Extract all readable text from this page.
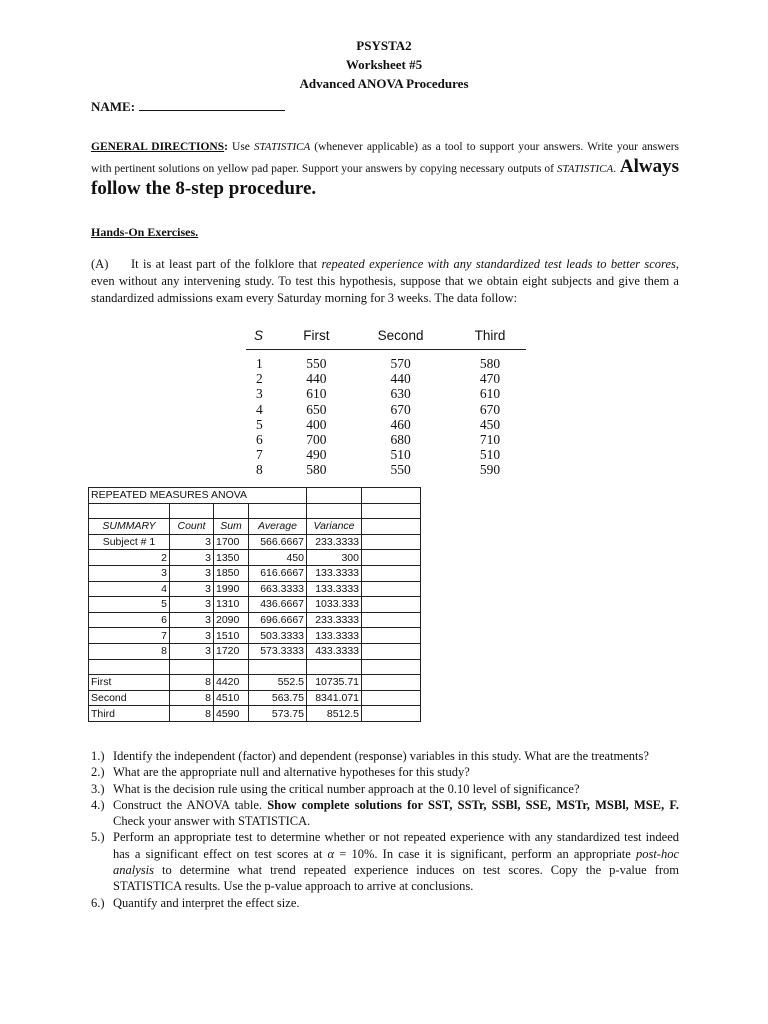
PSYSTA2
Worksheet #5
Advanced ANOVA Procedures
NAME:
GENERAL DIRECTIONS: Use STATISTICA (whenever applicable) as a tool to support your answers. Write your answers with pertinent solutions on yellow pad paper. Support your answers by copying necessary outputs of STATISTICA. Always follow the 8-step procedure.
Hands-On Exercises.
(A) It is at least part of the folklore that repeated experience with any standardized test leads to better scores, even without any intervening study. To test this hypothesis, suppose that we obtain eight subjects and give them a standardized admissions exam every Saturday morning for 3 weeks. The data follow:
S	First	Second	Third
1	550	570	580
2	440	440	470
3	610	630	610
4	650	670	670
5	400	460	450
6	700	680	710
7	490	510	510
8	580	550	590
REPEATED MEASURES ANOVA					

SUMMARY	Count	Sum	Average	Variance	
Subject # 1	3	1700	566.6667	233.3333	
2	3	1350	450	300	
3	3	1850	616.6667	133.3333	
4	3	1990	663.3333	133.3333	
5	3	1310	436.6667	1033.333	
6	3	2090	696.6667	233.3333	
7	3	1510	503.3333	133.3333	
8	3	1720	573.3333	433.3333	

First	8	4420	552.5	10735.71	
Second	8	4510	563.75	8341.071	
Third	8	4590	573.75	8512.5	
1.) Identify the independent (factor) and dependent (response) variables in this study. What are the treatments?
2.) What are the appropriate null and alternative hypotheses for this study?
3.) What is the decision rule using the critical number approach at the 0.10 level of significance?
4.) Construct the ANOVA table. Show complete solutions for SST, SSTr, SSBl, SSE, MSTr, MSBl, MSE, F. Check your answer with STATISTICA.
5.) Perform an appropriate test to determine whether or not repeated experience with any standardized test indeed has a significant effect on test scores at α = 10%. In case it is significant, perform an appropriate post-hoc analysis to determine what trend repeated experience induces on test scores. Copy the p-value from STATISTICA results. Use the p-value approach to arrive at conclusions.
6.) Quantify and interpret the effect size.
